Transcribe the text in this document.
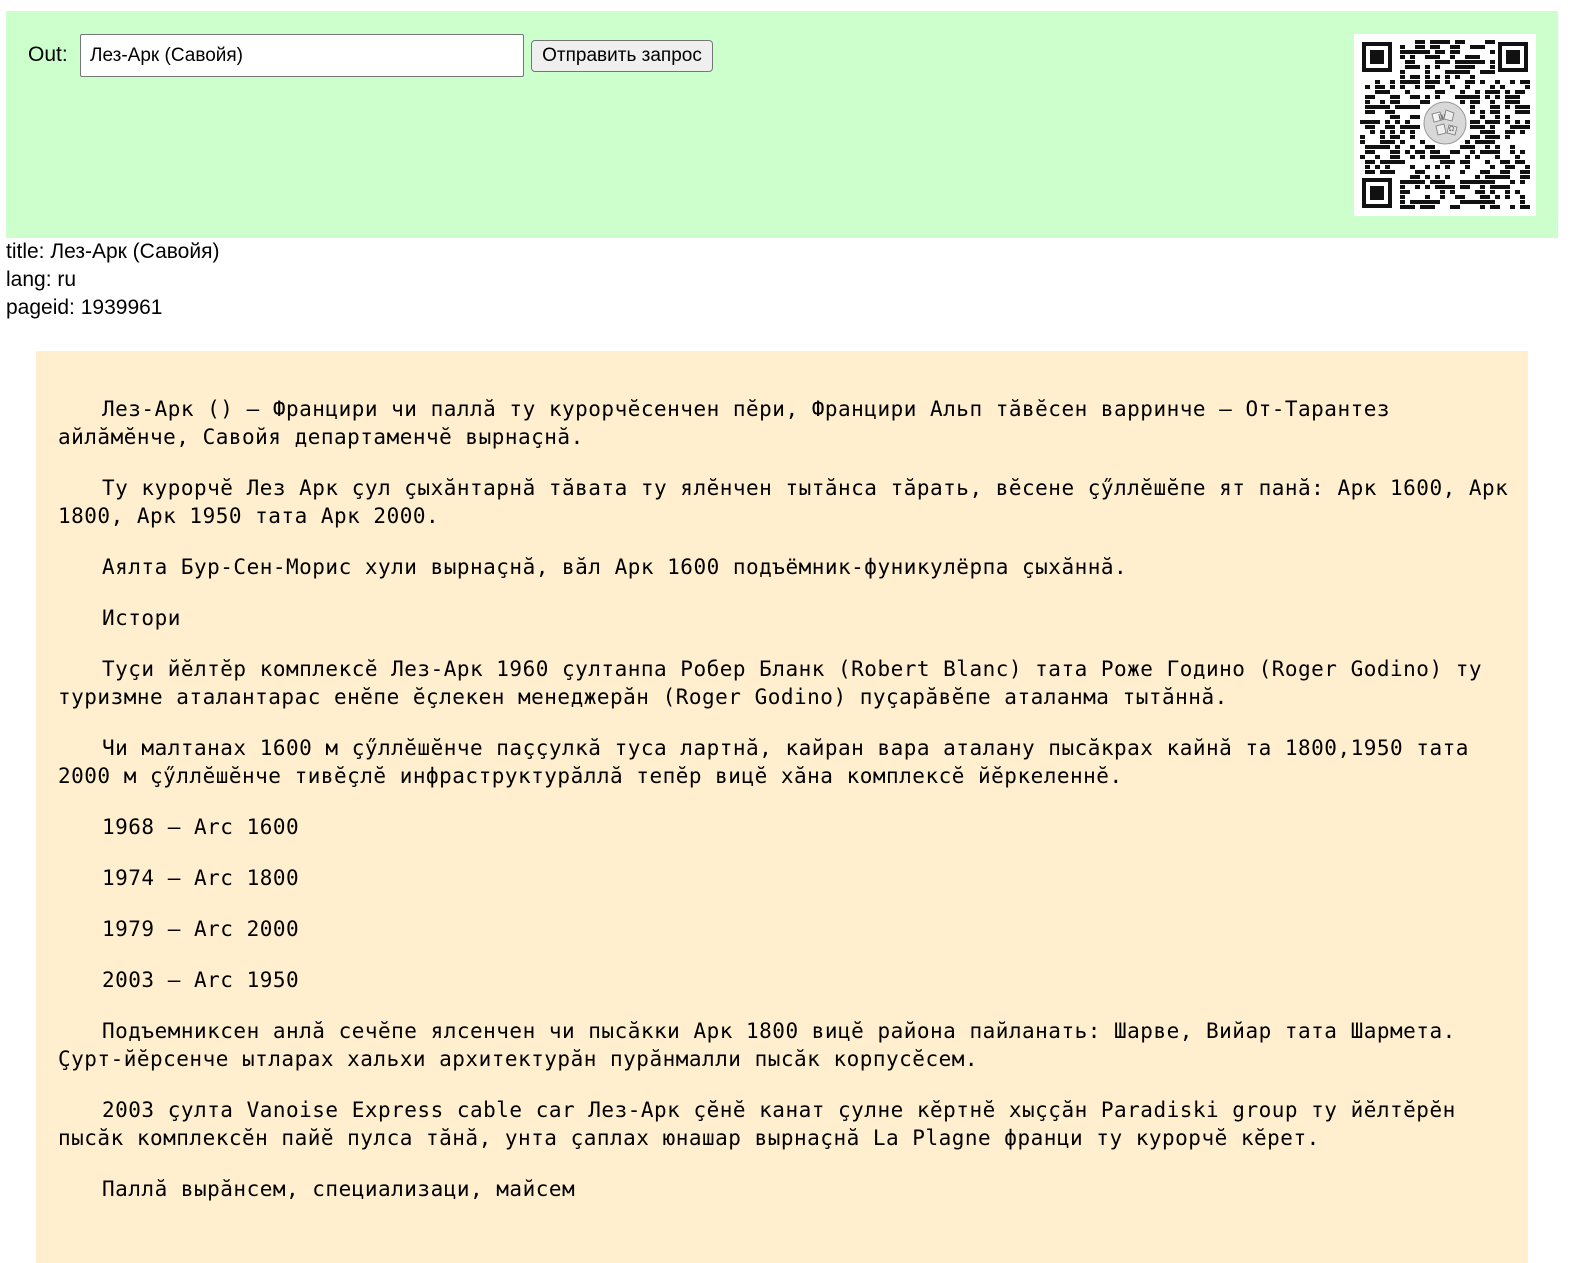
Out:
Лез-Арк (Савойя)	Отправить запрос
W
Ω
title: Лез-Арк (Савойя)
lang: ru
pageid: 1939961

Лез-Арк () — Францири чи паллă ту курорчĕсенчен пĕри, Францири Альп тăвĕсен варринче — От-Тарантез айлăмĕнче, Савойя департаменчĕ вырнаçнă.

Ту курорчĕ Лез Арк çул çыхăнтарнă тăвата ту ялĕнчен тытăнса тăрать, вĕсене çӳллĕшĕпе ят панă: Арк 1600, Арк 1800, Арк 1950 тата Арк 2000.

Аялта Бур-Сен-Морис хули вырнаçнă, вăл Арк 1600 подъёмник-фуникулёрпа çыхăннă.

Истори

Туçи йĕлтĕр комплексĕ Лез-Арк 1960 çултанпа Робер Бланк (Robert Blanc) тата Роже Годино (Roger Godino) ту туризмне аталантарас енĕпе ĕçлекен менеджерăн (Roger Godino) пуçарăвĕпе аталанма тытăннă.

Чи малтанах 1600 м çӳллĕшĕнче паççулкă туса лартнă, кайран вара аталану пысăкрах кайнă та 1800,1950 тата 2000 м çӳллĕшĕнче тивĕçлĕ инфраструктурăллă тепĕр вицĕ хăна комплексĕ йĕркеленнĕ.

1968 — Arc 1600

1974 — Arc 1800

1979 — Arc 2000

2003 — Arc 1950

Подъемниксен анлă сечĕпе ялсенчен чи пысăкки Арк 1800 вицĕ района пайланать: Шарве, Вийар тата Шармета. Çурт-йĕрсенче ытларах хальхи архитектурăн пурăнмалли пысăк корпусĕсем.

2003 çулта Vanoise Express cable car Лез-Арк çĕнĕ канат çулне кĕртнĕ хыççăн Paradiski group ту йĕлтĕрĕн пысăк комплексĕн пайĕ пулса тăнă, унта çаплах юнашар вырнаçнă La Plagne франци ту курорчĕ кĕрет.

Паллă вырăнсем, специализаци, майсем
